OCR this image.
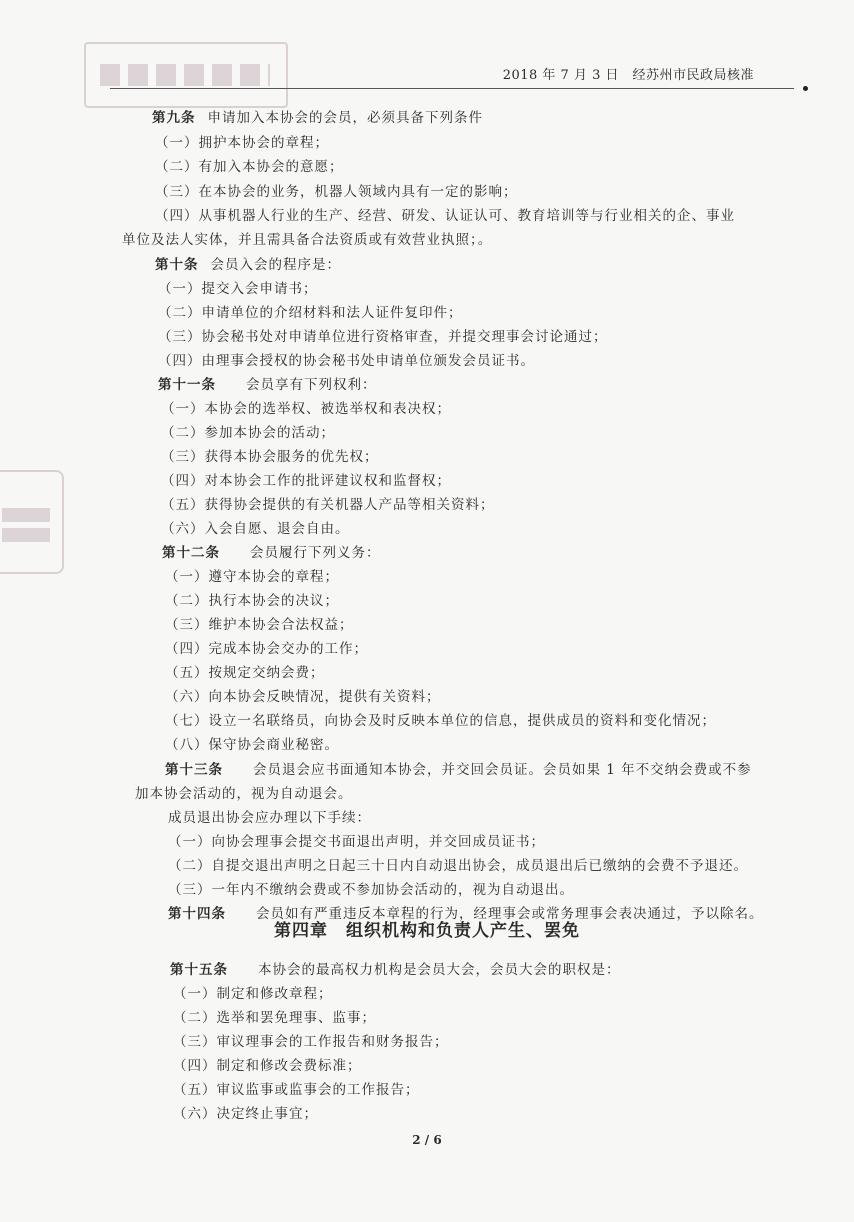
2018 年 7 月 3 日　经苏州市民政局核准
第九条 申请加入本协会的会员，必须具备下列条件
（一）拥护本协会的章程；
（二）有加入本协会的意愿；
（三）在本协会的业务，机器人领域内具有一定的影响；
（四）从事机器人行业的生产、经营、研发、认证认可、教育培训等与行业相关的企、事业
单位及法人实体，并且需具备合法资质或有效营业执照；。
第十条 会员入会的程序是：
（一）提交入会申请书；
（二）申请单位的介绍材料和法人证件复印件；
（三）协会秘书处对申请单位进行资格审查，并提交理事会讨论通过；
（四）由理事会授权的协会秘书处申请单位颁发会员证书。
第十一条 会员享有下列权利：
（一）本协会的选举权、被选举权和表决权；
（二）参加本协会的活动；
（三）获得本协会服务的优先权；
（四）对本协会工作的批评建议权和监督权；
（五）获得协会提供的有关机器人产品等相关资料；
（六）入会自愿、退会自由。
第十二条 会员履行下列义务：
（一）遵守本协会的章程；
（二）执行本协会的决议；
（三）维护本协会合法权益；
（四）完成本协会交办的工作；
（五）按规定交纳会费；
（六）向本协会反映情况，提供有关资料；
（七）设立一名联络员，向协会及时反映本单位的信息，提供成员的资料和变化情况；
（八）保守协会商业秘密。
第十三条 会员退会应书面通知本协会，并交回会员证。会员如果 1 年不交纳会费或不参
加本协会活动的，视为自动退会。
成员退出协会应办理以下手续：
（一）向协会理事会提交书面退出声明，并交回成员证书；
（二）自提交退出声明之日起三十日内自动退出协会，成员退出后已缴纳的会费不予退还。
（三）一年内不缴纳会费或不参加协会活动的，视为自动退出。
第十四条 会员如有严重违反本章程的行为，经理事会或常务理事会表决通过，予以除名。
第四章　组织机构和负责人产生、罢免
第十五条 本协会的最高权力机构是会员大会，会员大会的职权是：
（一）制定和修改章程；
（二）选举和罢免理事、监事；
（三）审议理事会的工作报告和财务报告；
（四）制定和修改会费标准；
（五）审议监事或监事会的工作报告；
（六）决定终止事宜；
2 / 6
